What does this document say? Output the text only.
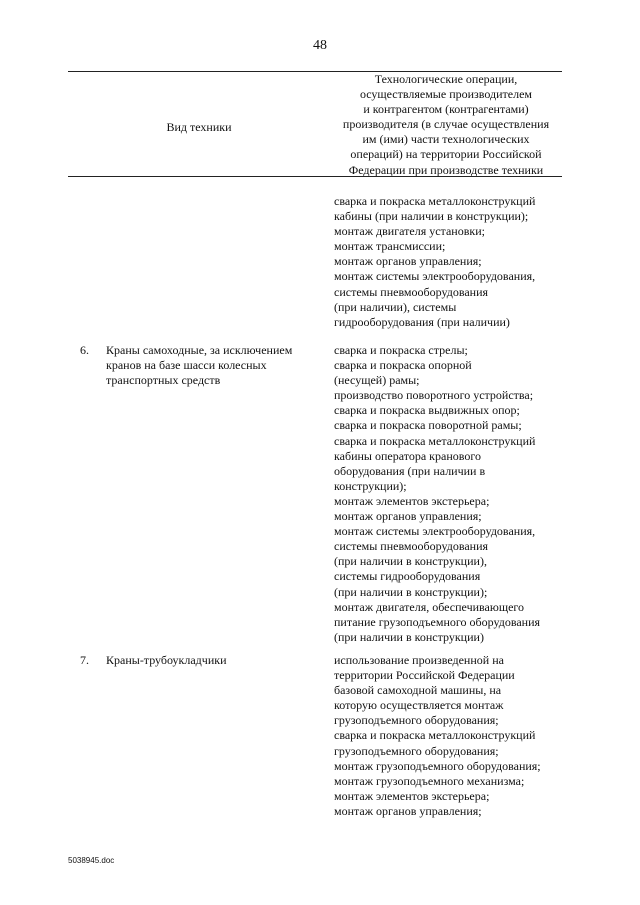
48
Вид техники
Технологические операции,
осуществляемые производителем
и контрагентом (контрагентами)
производителя (в случае осуществления
им (ими) части технологических
операций) на территории Российской
Федерации при производстве техники
сварка и покраска металлоконструкций
кабины (при наличии в конструкции);
монтаж двигателя установки;
монтаж трансмиссии;
монтаж органов управления;
монтаж системы электрооборудования,
системы пневмооборудования
(при наличии), системы
гидрооборудования (при наличии)
6. Краны самоходные, за исключением
кранов на базе шасси колесных
транспортных средств
сварка и покраска стрелы;
сварка и покраска опорной
(несущей) рамы;
производство поворотного устройства;
сварка и покраска выдвижных опор;
сварка и покраска поворотной рамы;
сварка и покраска металлоконструкций
кабины оператора кранового
оборудования (при наличии в
конструкции);
монтаж элементов экстерьера;
монтаж органов управления;
монтаж системы электрооборудования,
системы пневмооборудования
(при наличии в конструкции),
системы гидрооборудования
(при наличии в конструкции);
монтаж двигателя, обеспечивающего
питание грузоподъемного оборудования
(при наличии в конструкции)
7. Краны-трубоукладчики	использование произведенной на
территории Российской Федерации
базовой самоходной машины, на
которую осуществляется монтаж
грузоподъемного оборудования;
сварка и покраска металлоконструкций
грузоподъемного оборудования;
монтаж грузоподъемного оборудования;
монтаж грузоподъемного механизма;
монтаж элементов экстерьера;
монтаж органов управления;
5038945.doc
